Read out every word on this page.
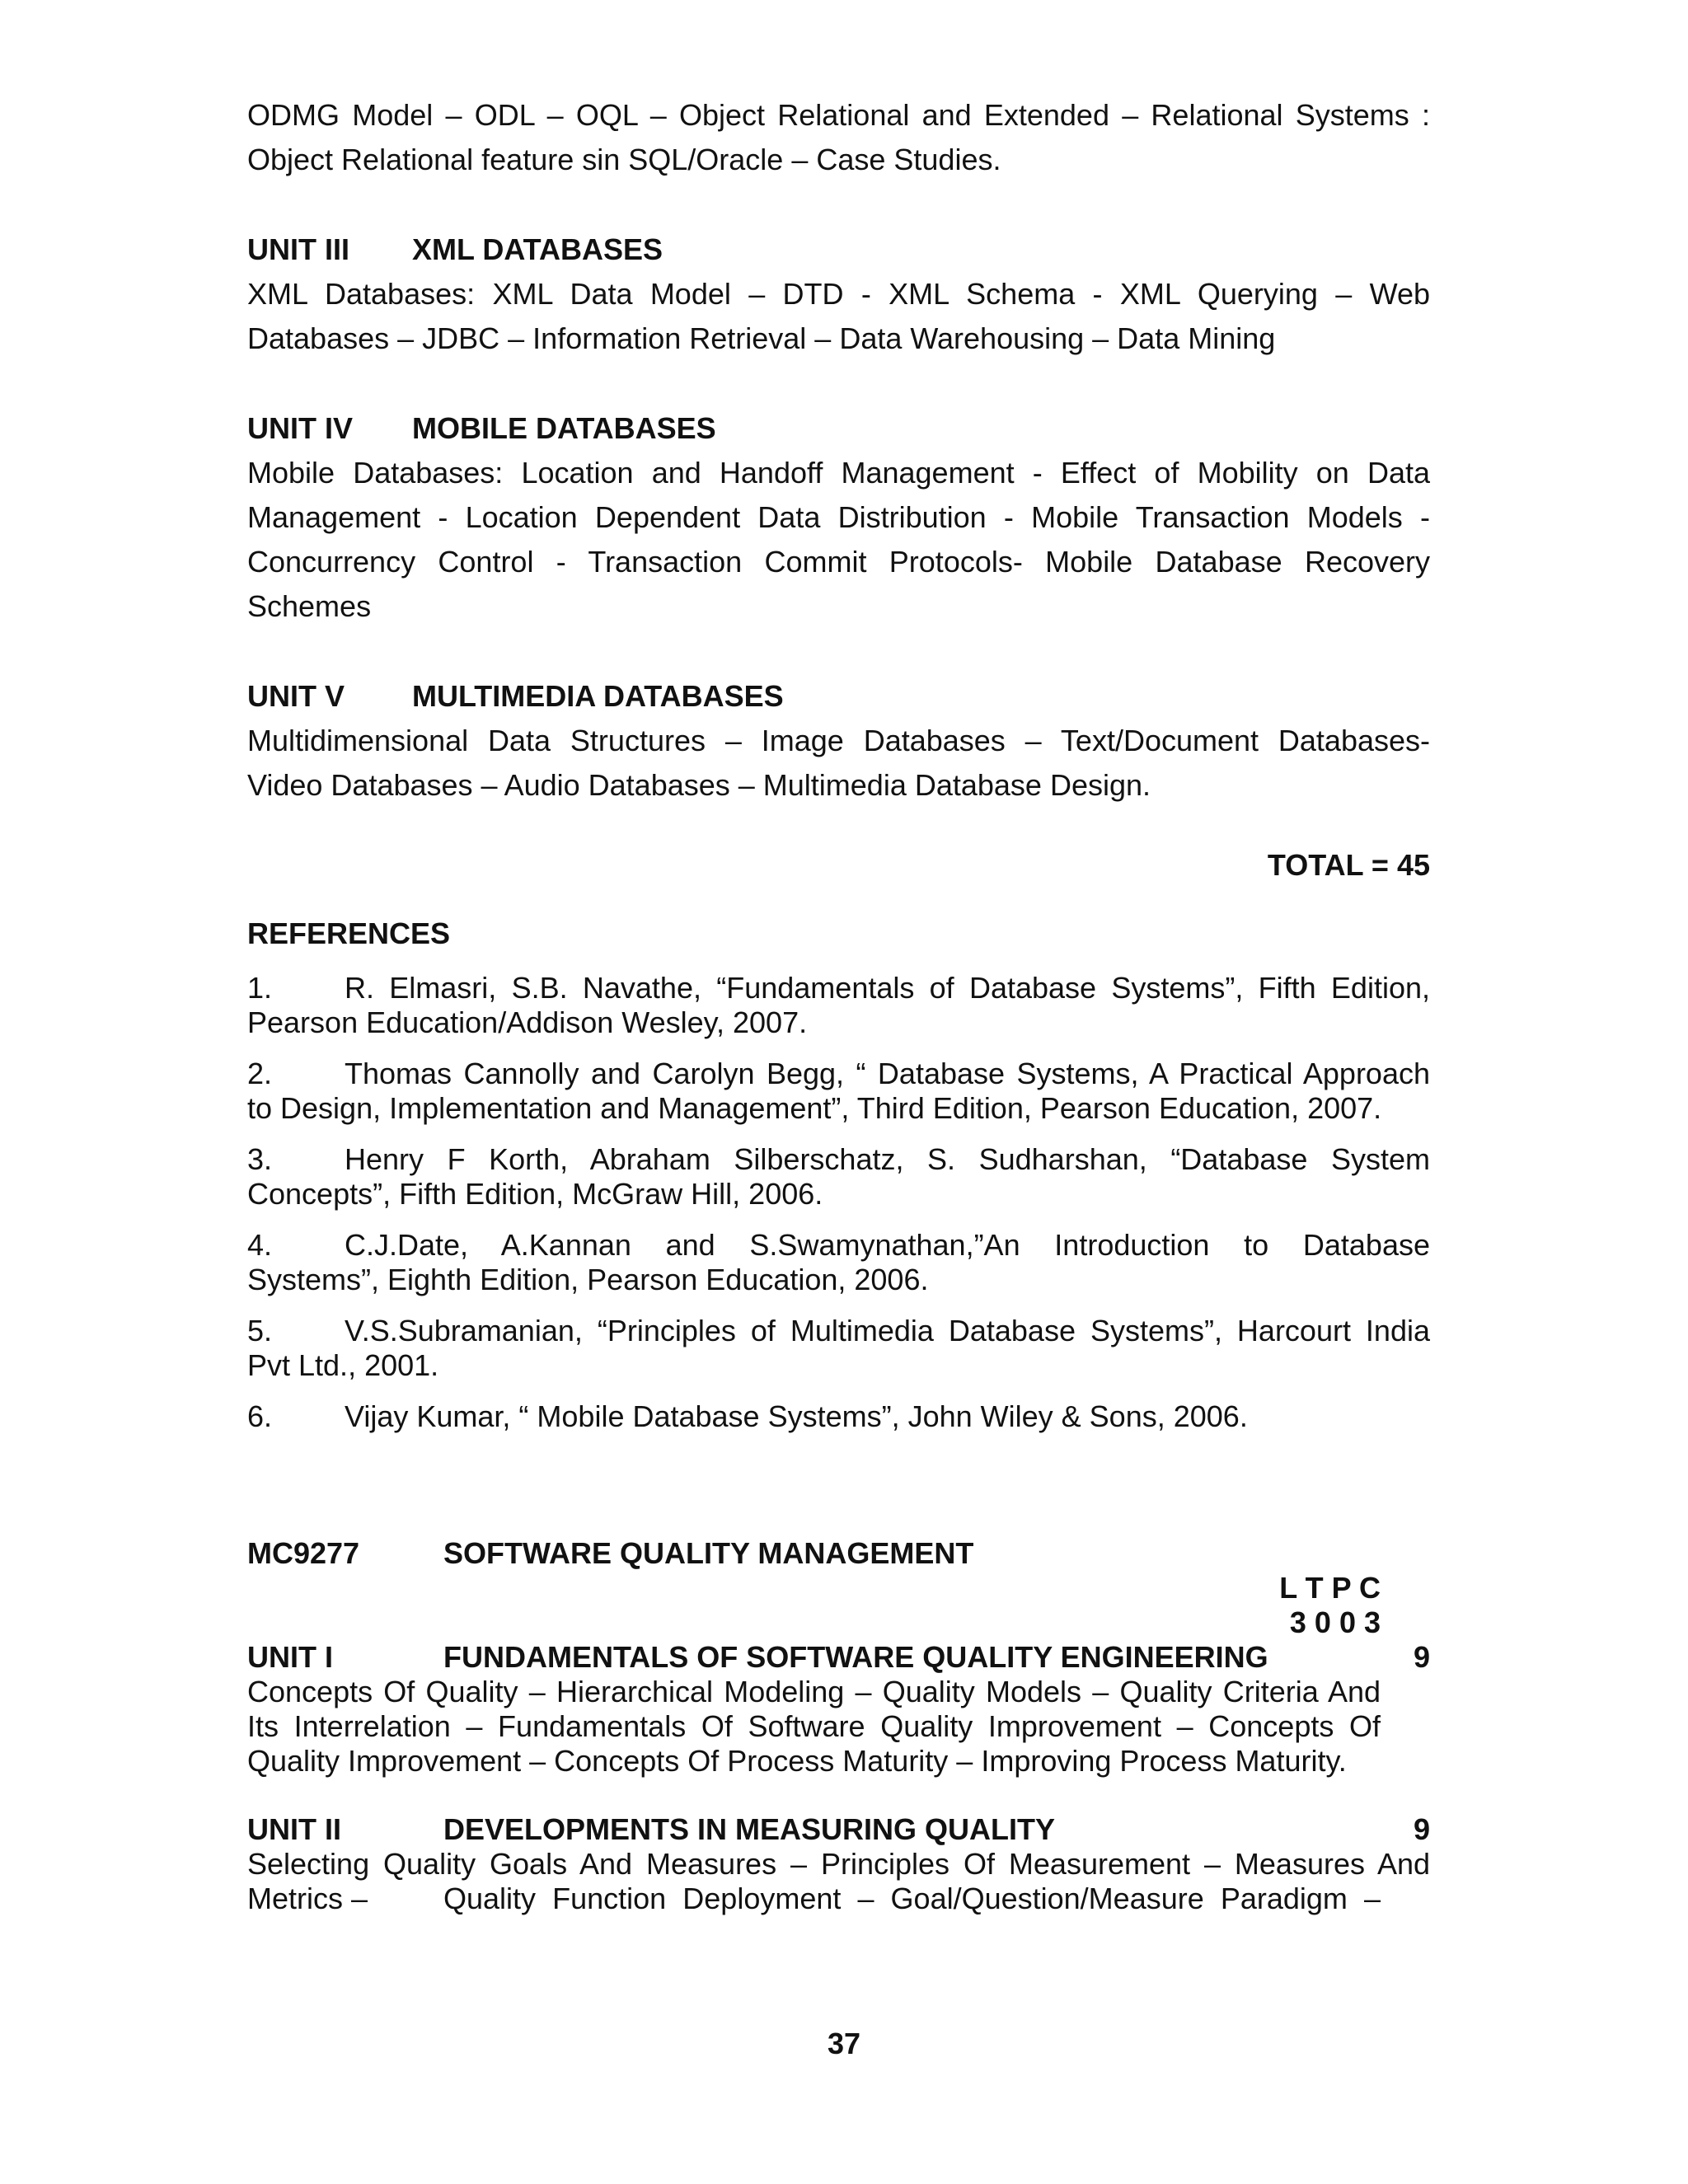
ODMG Model – ODL – OQL – Object Relational and Extended – Relational Systems :
Object Relational feature sin SQL/Oracle – Case Studies.
UNIT III XML DATABASES
XML Databases: XML Data Model – DTD - XML Schema - XML Querying – Web
Databases – JDBC – Information Retrieval – Data Warehousing – Data Mining
UNIT IV MOBILE DATABASES
Mobile Databases: Location and Handoff Management - Effect of Mobility on Data
Management - Location Dependent Data Distribution - Mobile Transaction Models -
Concurrency Control - Transaction Commit Protocols- Mobile Database Recovery
Schemes
UNIT V MULTIMEDIA DATABASES
Multidimensional Data Structures – Image Databases – Text/Document Databases-
Video Databases – Audio Databases – Multimedia Database Design.
TOTAL = 45
REFERENCES
1. R. Elmasri, S.B. Navathe, “Fundamentals of Database Systems”, Fifth Edition,
Pearson Education/Addison Wesley, 2007.
2. Thomas Cannolly and Carolyn Begg, “ Database Systems, A Practical Approach
to Design, Implementation and Management”, Third Edition, Pearson Education, 2007.
3. Henry F Korth, Abraham Silberschatz, S. Sudharshan, “Database System
Concepts”, Fifth Edition, McGraw Hill, 2006.
4. C.J.Date, A.Kannan and S.Swamynathan,”An Introduction to Database
Systems”, Eighth Edition, Pearson Education, 2006.
5. V.S.Subramanian, “Principles of Multimedia Database Systems”, Harcourt India
Pvt Ltd., 2001.
6. Vijay Kumar, “ Mobile Database Systems”, John Wiley & Sons, 2006.
MC9277	SOFTWARE QUALITY MANAGEMENT
L T P C
3 0 0 3
UNIT I	FUNDAMENTALS OF SOFTWARE QUALITY ENGINEERING	9
Concepts Of Quality – Hierarchical Modeling – Quality Models – Quality Criteria And
Its Interrelation – Fundamentals Of Software Quality Improvement – Concepts Of
Quality Improvement – Concepts Of Process Maturity – Improving Process Maturity.
UNIT II	DEVELOPMENTS IN MEASURING QUALITY	9
Selecting Quality Goals And Measures – Principles Of Measurement – Measures And
Metrics –	Quality Function Deployment – Goal/Question/Measure Paradigm –
37
